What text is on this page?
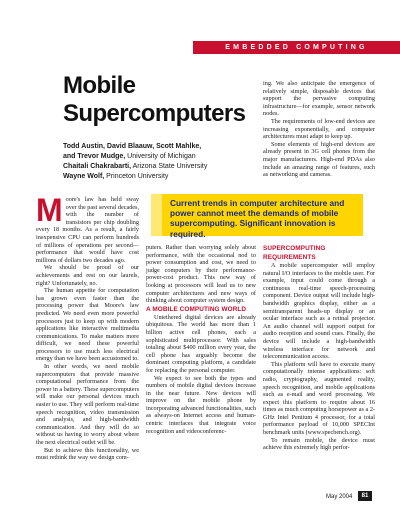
EMBEDDED COMPUTING
Mobile
Supercomputers
Todd Austin, David Blaauw, Scott Mahlke,
and Trevor Mudge, University of Michigan
Chaitali Chakrabarti, Arizona State University
Wayne Wolf, Princeton University

ing. We also anticipate the emergence of relatively simple, disposable devices that support the pervasive computing infrastructure—for example, sensor network nodes.

The requirements of low-end devices are increasing exponentially, and computer architectures must adapt to keep up.

Some elements of high-end devices are already present in 3G cell phones from the major manufacturers. High-end PDAs also include an amazing range of features, such as networking and cameras.

Current trends in computer architecture and power cannot meet the demands of mobile supercomputing. Significant innovation is required.

Moore's law has held sway over the past several decades, with the number of transistors per chip doubling every 18 months. As a result, a fairly inexpensive CPU can perform hundreds of millions of operations per second—performance that would have cost millions of dollars two decades ago.

We should be proud of our achievements and rest on our laurels, right? Unfortunately, no.

The human appetite for computation has grown even faster than the processing power that Moore's law predicted. We need even more powerful processors just to keep up with modern applications like interactive multimedia communications. To make matters more difficult, we need these powerful processors to use much less electrical energy than we have been accustomed to.

In other words, we need mobile supercomputers that provide massive computational performance from the power in a battery. These supercomputers will make our personal devices much easier to use. They will perform real-time speech recognition, video transmission and analysis, and high-bandwidth communication. And they will do so without us having to worry about where the next electrical outlet will be.

But to achieve this functionality, we must rethink the way we design com-

puters. Rather than worrying solely about performance, with the occasional nod to power consumption and cost, we need to judge computers by their performance-power-cost product. This new way of looking at processors will lead us to new computer architectures and new ways of thinking about computer system design.

A MOBILE COMPUTING WORLD

Untethered digital devices are already ubiquitous. The world has more than 1 billion active cell phones, each a sophisticated multiprocessor. With sales totaling about $400 million every year, the cell phone has arguably become the dominant computing platform, a candidate for replacing the personal computer.

We expect to see both the types and numbers of mobile digital devices increase in the near future. New devices will improve on the mobile phone by incorporating advanced functionalities, such as always-on Internet access and human-centric interfaces that integrate voice recognition and videoconferenc-

SUPERCOMPUTING REQUIREMENTS

A mobile supercomputer will employ natural I/O interfaces to the mobile user. For example, input could come through a continuous real-time speech-processing component. Device output will include high-bandwidth graphics display, either as a semitransparent heads-up display or an ocular interface such as a retinal projector. An audio channel will support output for audio reception and sound cues. Finally, the device will include a high-bandwidth wireless interface for network and telecommunication access.

This platform will have to execute many computationally intense applications: soft radio, cryptography, augmented reality, speech recognition, and mobile applications such as e-mail and word processing. We expect this platform to require about 16 times as much computing horsepower as a 2-GHz Intel Pentium 4 processor, for a total performance payload of 10,000 SPECInt benchmark units (www.specbench.org).

To remain mobile, the device must achieve this extremely high perfor-

May 2004	81
